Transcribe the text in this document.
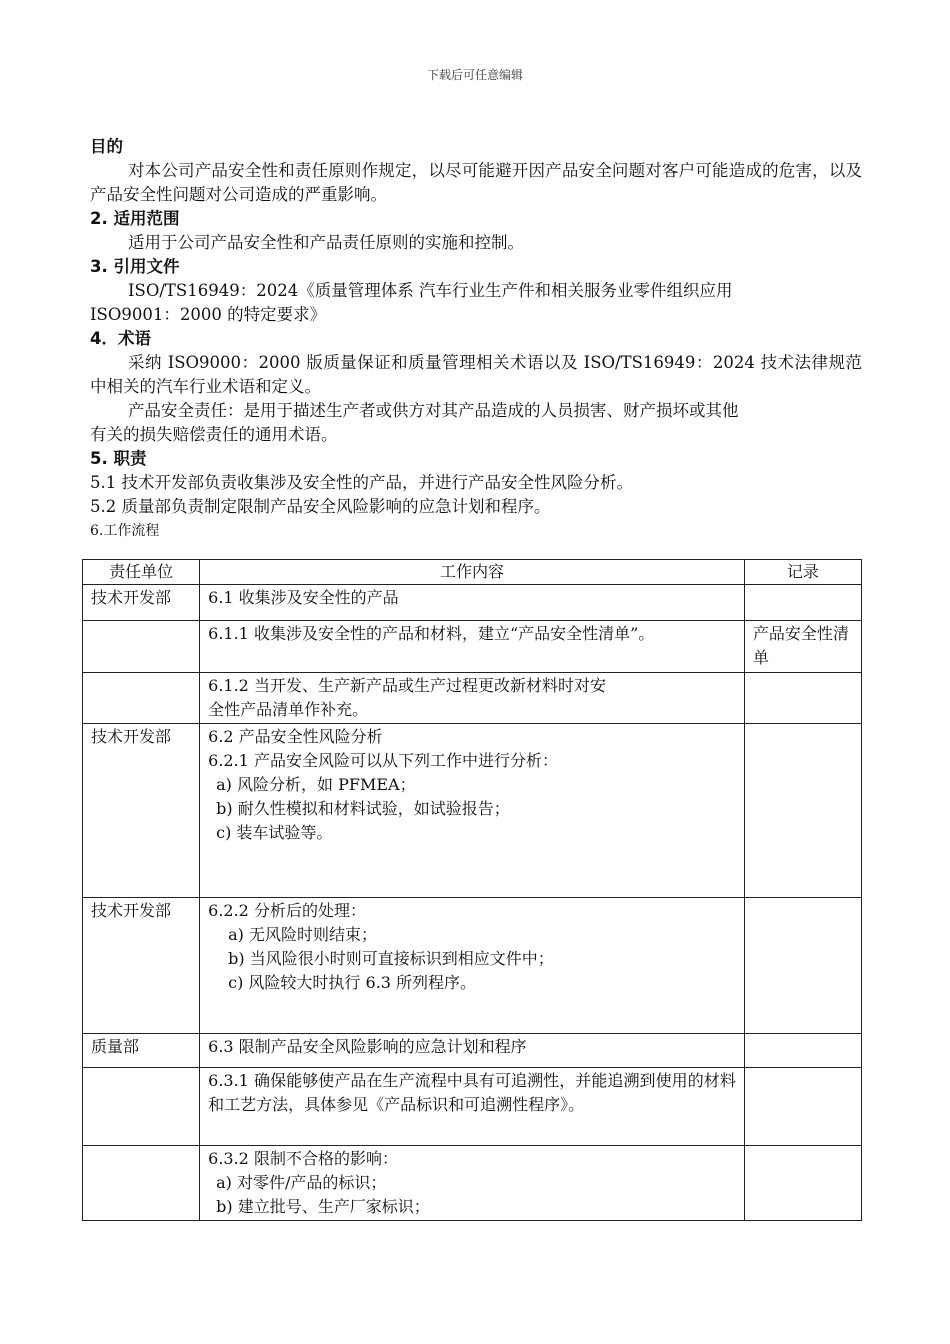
下载后可任意编辑
目的
对本公司产品安全性和责任原则作规定，以尽可能避开因产品安全问题对客户可能造成的危害，以及产品安全性问题对公司造成的严重影响。
2. 适用范围
适用于公司产品安全性和产品责任原则的实施和控制。
3. 引用文件
ISO/TS16949：2024《质量管理体系 汽车行业生产件和相关服务业零件组织应用
ISO9001：2000 的特定要求》
4．术语
采纳 ISO9000：2000 版质量保证和质量管理相关术语以及 ISO/TS16949：2024 技术法律规范中相关的汽车行业术语和定义。
产品安全责任：是用于描述生产者或供方对其产品造成的人员损害、财产损坏或其他
有关的损失赔偿责任的通用术语。
5. 职责
5.1 技术开发部负责收集涉及安全性的产品，并进行产品安全性风险分析。
5.2 质量部负责制定限制产品安全风险影响的应急计划和程序。
6.工作流程
责任单位	工作内容	记录
技术开发部	6.1 收集涉及安全性的产品	

	6.1.1 收集涉及安全性的产品和材料，建立“产品安全性清单”。	产品安全性清单

	6.1.2 当开发、生产新产品或生产过程更改新材料时对安
全性产品清单作补充。	

技术开发部	6.2 产品安全性风险分析
6.2.1 产品安全风险可以从下列工作中进行分析：
a) 风险分析，如 PFMEA；
b) 耐久性模拟和材料试验，如试验报告；
c) 装车试验等。	

技术开发部	6.2.2 分析后的处理：
a) 无风险时则结束；
b) 当风险很小时则可直接标识到相应文件中；
c) 风险较大时执行 6.3 所列程序。	

质量部	6.3 限制产品安全风险影响的应急计划和程序	

	6.3.1 确保能够使产品在生产流程中具有可追溯性，并能追溯到使用的材料和工艺方法，具体参见《产品标识和可追溯性程序》。	

	6.3.2 限制不合格的影响：
a) 对零件/产品的标识；
b) 建立批号、生产厂家标识；	
